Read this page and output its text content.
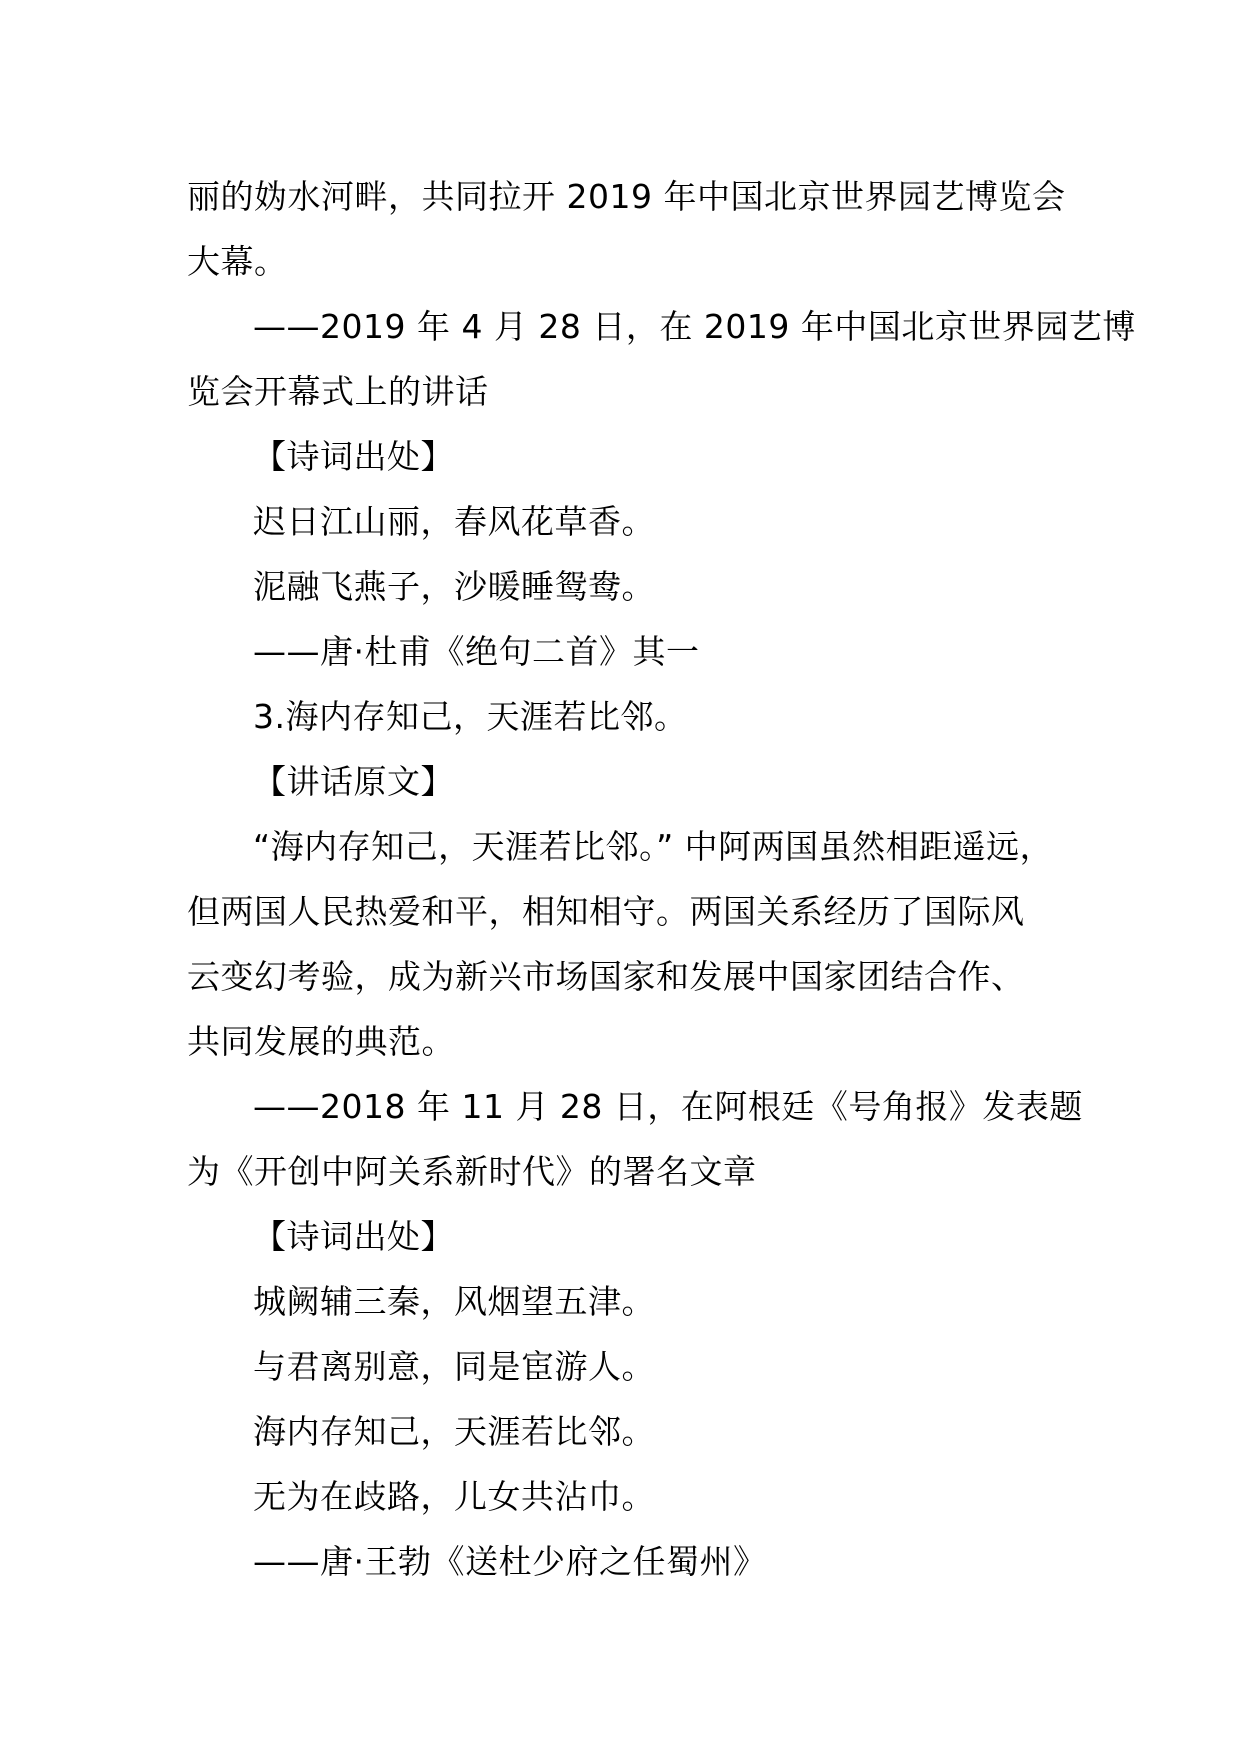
丽的妫水河畔，共同拉开 2019 年中国北京世界园艺博览会
大幕。
——2019 年 4 月 28 日，在 2019 年中国北京世界园艺博
览会开幕式上的讲话
【诗词出处】
迟日江山丽，春风花草香。
泥融飞燕子，沙暖睡鸳鸯。
——唐·杜甫《绝句二首》其一
3.海内存知己，天涯若比邻。
【讲话原文】
“海内存知己，天涯若比邻。” 中阿两国虽然相距遥远，
但两国人民热爱和平，相知相守。两国关系经历了国际风
云变幻考验，成为新兴市场国家和发展中国家团结合作、
共同发展的典范。
——2018 年 11 月 28 日，在阿根廷《号角报》发表题
为《开创中阿关系新时代》的署名文章
【诗词出处】
城阙辅三秦，风烟望五津。
与君离别意，同是宦游人。
海内存知己，天涯若比邻。
无为在歧路，儿女共沾巾。
——唐·王勃《送杜少府之任蜀州》
